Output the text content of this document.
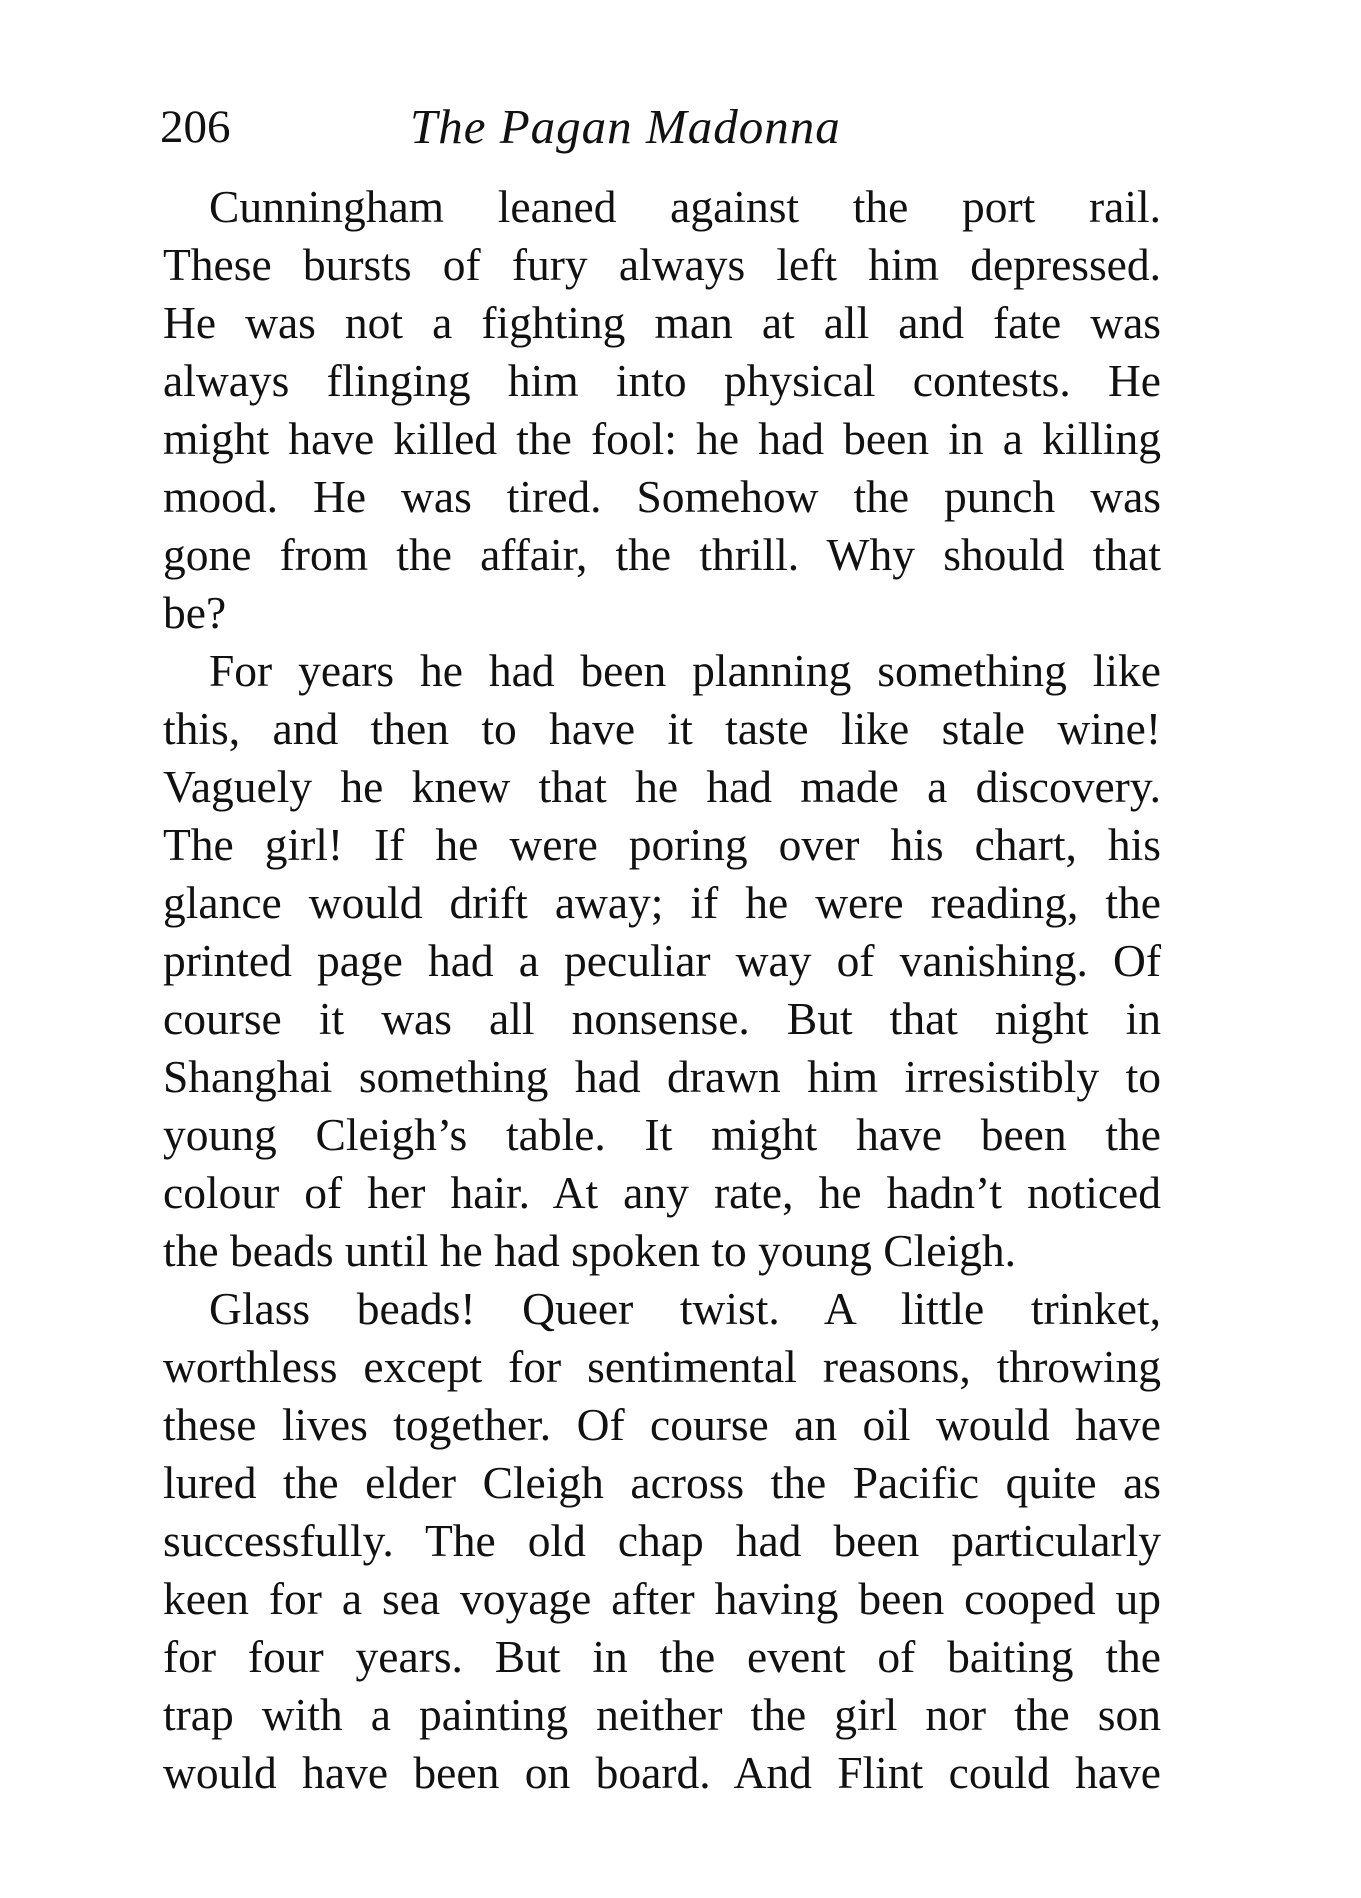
206	The Pagan Madonna
Cunningham leaned against the port rail.
These bursts of fury always left him depressed.
He was not a fighting man at all and fate was
always flinging him into physical contests. He
might have killed the fool: he had been in a killing
mood. He was tired. Somehow the punch was
gone from the affair, the thrill. Why should that
be?
For years he had been planning something like
this, and then to have it taste like stale wine!
Vaguely he knew that he had made a discovery.
The girl! If he were poring over his chart, his
glance would drift away; if he were reading, the
printed page had a peculiar way of vanishing. Of
course it was all nonsense. But that night in
Shanghai something had drawn him irresistibly to
young Cleigh’s table. It might have been the
colour of her hair. At any rate, he hadn’t noticed
the beads until he had spoken to young Cleigh.
Glass beads! Queer twist. A little trinket,
worthless except for sentimental reasons, throwing
these lives together. Of course an oil would have
lured the elder Cleigh across the Pacific quite as
successfully. The old chap had been particularly
keen for a sea voyage after having been cooped up
for four years. But in the event of baiting the
trap with a painting neither the girl nor the son
would have been on board. And Flint could have
